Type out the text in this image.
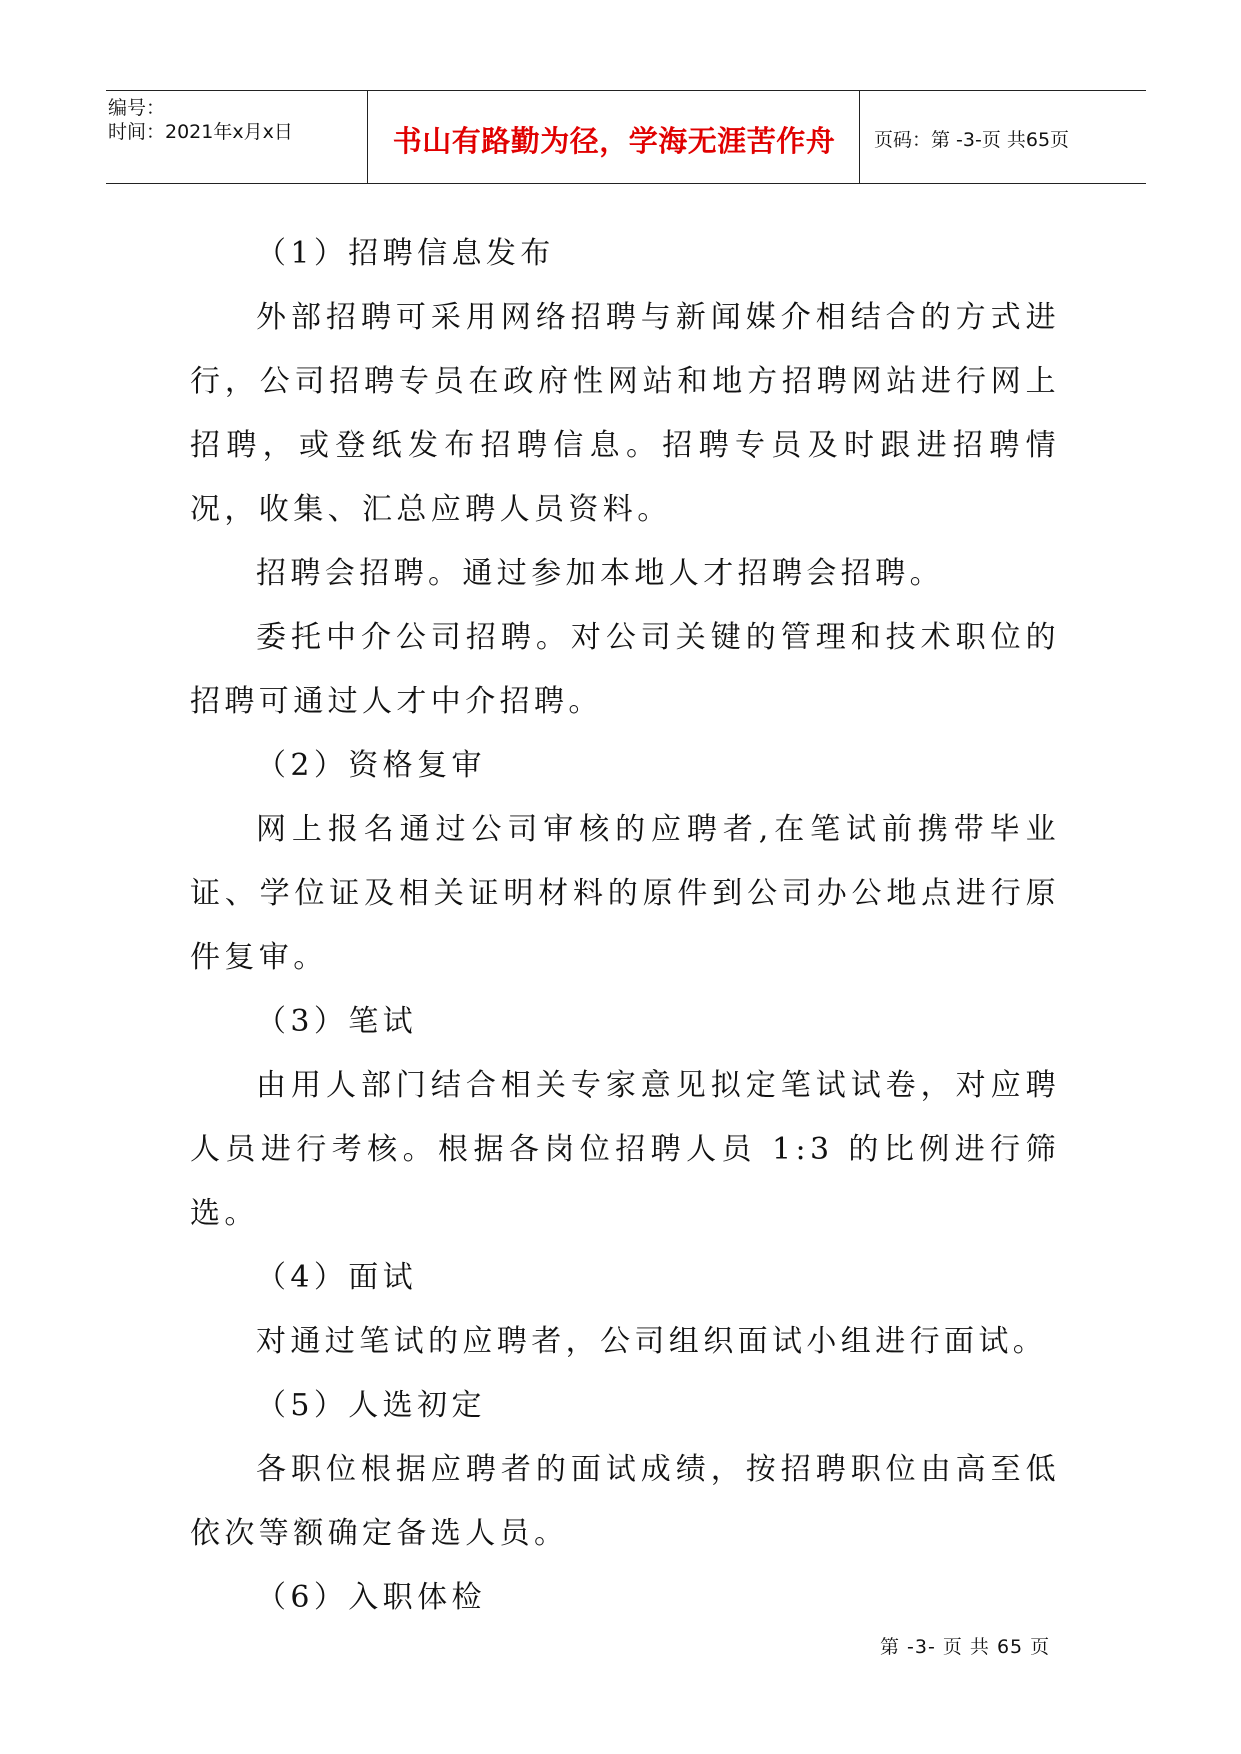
编号：
时间：2021年x月x日	书山有路勤为径，学海无涯苦作舟	页码：第 -3-页 共65页

（1）招聘信息发布

外部招聘可采用网络招聘与新闻媒介相结合的方式进行，公司招聘专员在政府性网站和地方招聘网站进行网上招聘，或登纸发布招聘信息。招聘专员及时跟进招聘情况，收集、汇总应聘人员资料。

招聘会招聘。通过参加本地人才招聘会招聘。

委托中介公司招聘。对公司关键的管理和技术职位的招聘可通过人才中介招聘。

（2）资格复审

网上报名通过公司审核的应聘者,在笔试前携带毕业证、学位证及相关证明材料的原件到公司办公地点进行原件复审。

（3）笔试

由用人部门结合相关专家意见拟定笔试试卷，对应聘人员进行考核。根据各岗位招聘人员 1:3 的比例进行筛选。

（4）面试

对通过笔试的应聘者，公司组织面试小组进行面试。

（5）人选初定

各职位根据应聘者的面试成绩，按招聘职位由高至低依次等额确定备选人员。

（6）入职体检

第 -3- 页 共 65 页
